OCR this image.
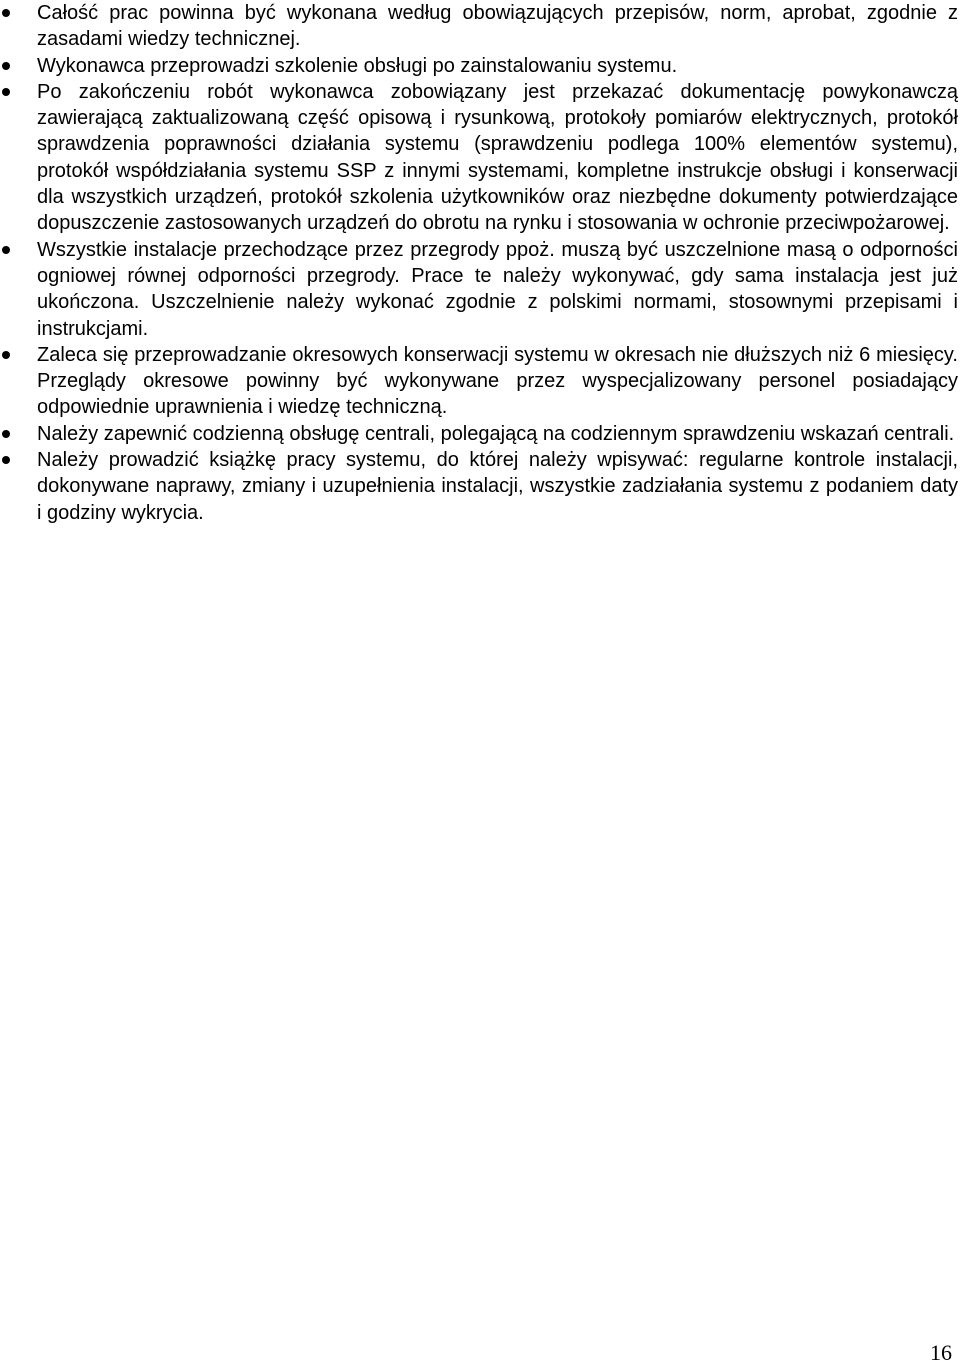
Całość prac powinna być wykonana według obowiązujących przepisów, norm, aprobat, zgodnie z zasadami wiedzy technicznej.
Wykonawca przeprowadzi szkolenie obsługi po zainstalowaniu systemu.
Po zakończeniu robót wykonawca zobowiązany jest przekazać dokumentację powykonawczą zawierającą zaktualizowaną część opisową i rysunkową, protokoły pomiarów elektrycznych, protokół sprawdzenia poprawności działania systemu (sprawdzeniu podlega 100% elementów systemu), protokół współdziałania systemu SSP z innymi systemami, kompletne instrukcje obsługi i konserwacji dla wszystkich urządzeń, protokół szkolenia użytkowników oraz niezbędne dokumenty potwierdzające dopuszczenie zastosowanych urządzeń do obrotu na rynku i stosowania w ochronie przeciwpożarowej.
Wszystkie instalacje przechodzące przez przegrody ppoż. muszą być uszczelnione masą o odporności ogniowej równej odporności przegrody. Prace te należy wykonywać, gdy sama instalacja jest już ukończona. Uszczelnienie należy wykonać zgodnie z polskimi normami, stosownymi przepisami i instrukcjami.
Zaleca się przeprowadzanie okresowych konserwacji systemu w okresach nie dłuższych niż 6 miesięcy. Przeglądy okresowe powinny być wykonywane przez wyspecjalizowany personel posiadający odpowiednie uprawnienia i wiedzę techniczną.
Należy zapewnić codzienną obsługę centrali, polegającą na codziennym sprawdzeniu wskazań centrali.
Należy prowadzić książkę pracy systemu, do której należy wpisywać: regularne kontrole instalacji, dokonywane naprawy, zmiany i uzupełnienia instalacji, wszystkie zadziałania systemu z podaniem daty i godziny wykrycia.
16
